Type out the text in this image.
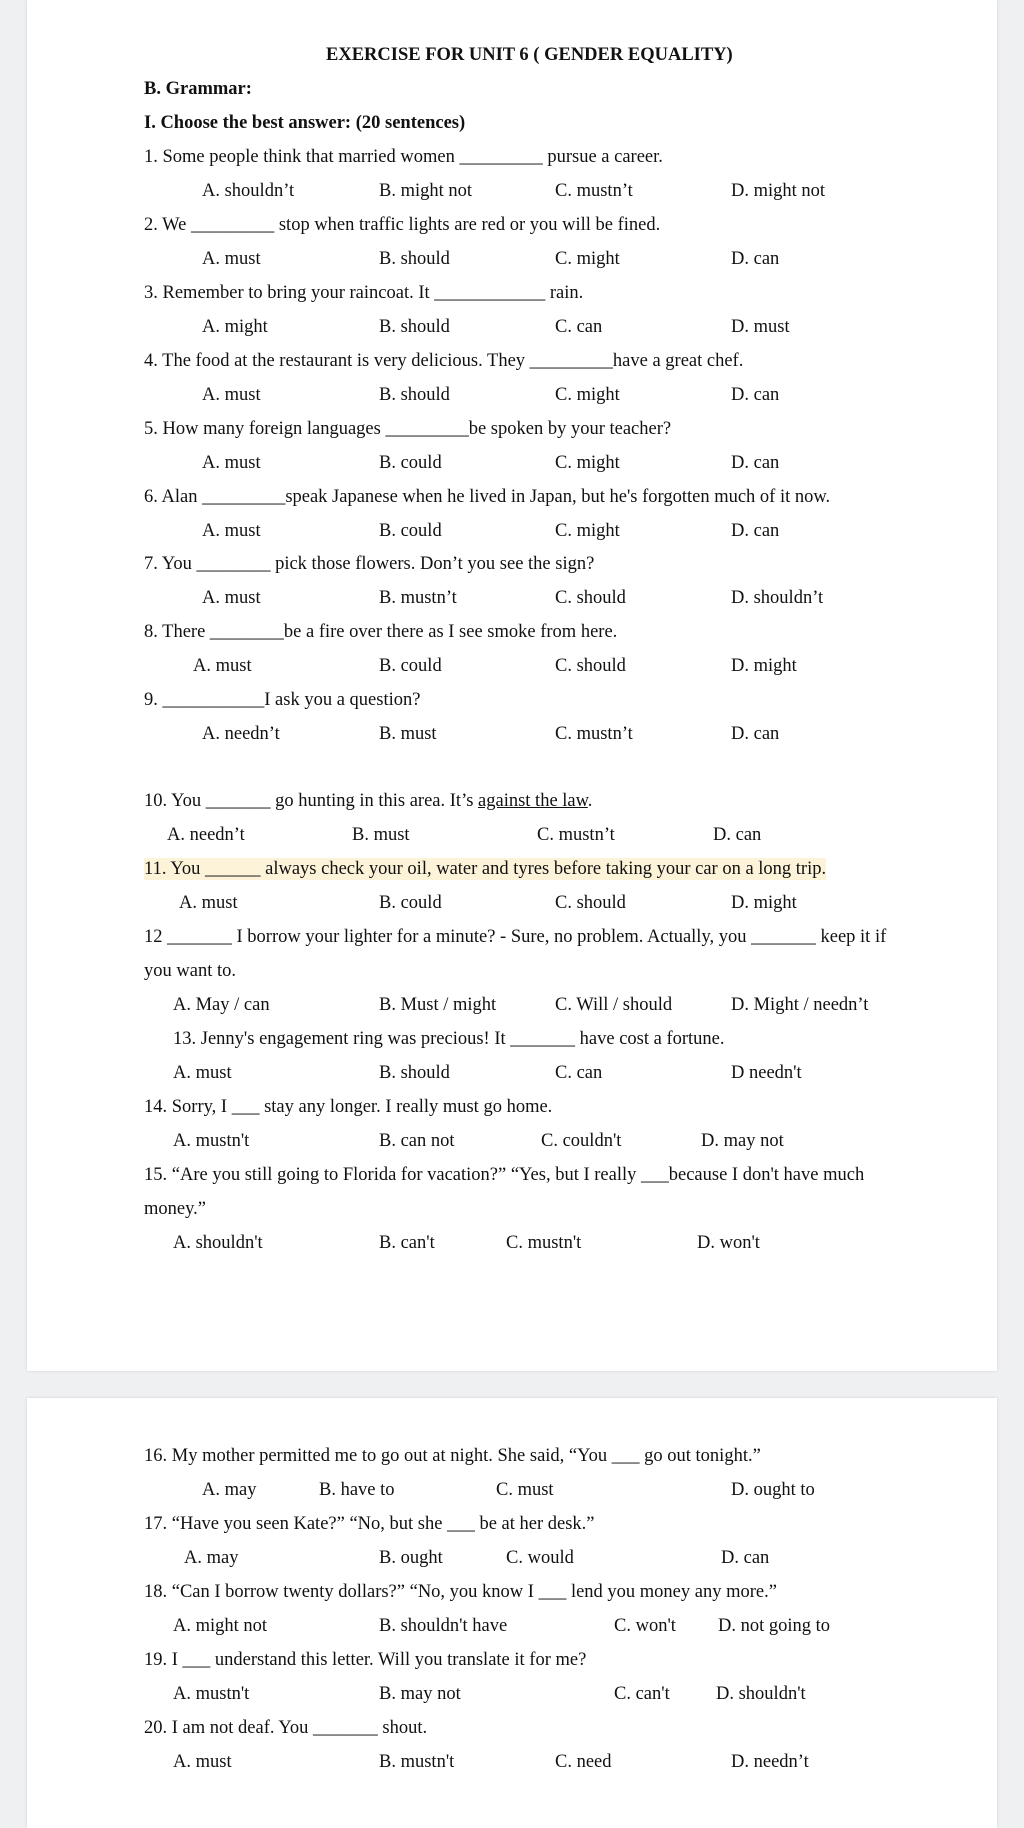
EXERCISE FOR UNIT 6 ( GENDER EQUALITY)
B. Grammar:
I. Choose the best answer: (20 sentences)
1. Some people think that married women _________ pursue a career.
A. shouldn’t	B. might not	C. mustn’t	D. might not
2. We _________ stop when traffic lights are red or you will be fined.
A. must	B. should	C. might	D. can
3. Remember to bring your raincoat. It ____________ rain.
A. might	B. should	C. can	D. must
4. The food at the restaurant is very delicious. They _________have a great chef.
A. must	B. should	C. might	D. can
5. How many foreign languages _________be spoken by your teacher?
A. must	B. could	C. might	D. can
6. Alan _________speak Japanese when he lived in Japan, but he's forgotten much of it now.
A. must	B. could	C. might	D. can
7. You ________ pick those flowers. Don’t you see the sign?
A. must	B. mustn’t	C. should	D. shouldn’t
8. There ________be a fire over there as I see smoke from here.
A. must	B. could	C. should	D. might
9. ___________I ask you a question?
A. needn’t	B. must	C. mustn’t	D. can
10. You _______ go hunting in this area. It’s against the law.
A. needn’t	B. must	C. mustn’t	D. can
11. You ______ always check your oil, water and tyres before taking your car on a long trip.
A. must	B. could	C. should	D. might
12 _______ I borrow your lighter for a minute? - Sure, no problem. Actually, you _______ keep it if
you want to.
A. May / can	B. Must / might	C. Will / should	D. Might / needn’t
13. Jenny's engagement ring was precious! It _______ have cost a fortune.
A. must	B. should	C. can	D needn't
14. Sorry, I ___ stay any longer. I really must go home.
A. mustn't	B. can not	C. couldn't	D. may not
15. “Are you still going to Florida for vacation?” “Yes, but I really ___because I don't have much
money.”
A. shouldn't	B. can't	C. mustn't	D. won't
16. My mother permitted me to go out at night. She said, “You ___ go out tonight.”
A. may	B. have to	C. must	D. ought to
17. “Have you seen Kate?” “No, but she ___ be at her desk.”
A. may	B. ought	C. would	D. can
18. “Can I borrow twenty dollars?” “No, you know I ___ lend you money any more.”
A. might not	B. shouldn't have	C. won't D. not going to
19. I ___ understand this letter. Will you translate it for me?
A. mustn't	B. may not	C. can't	D. shouldn't
20. I am not deaf. You _______ shout.
A. must	B. mustn't	C. need	D. needn’t
